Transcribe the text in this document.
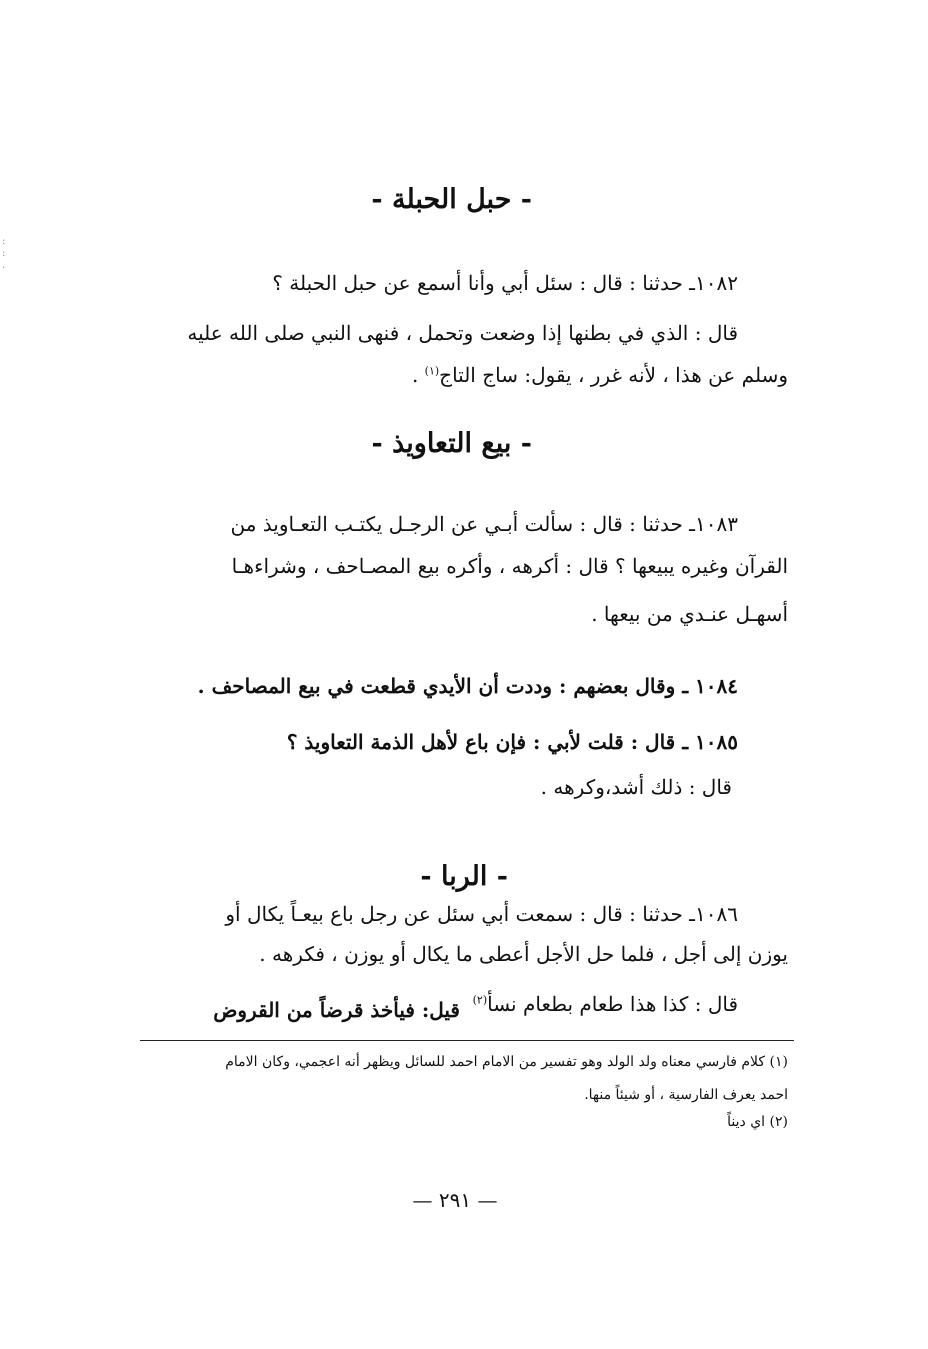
:
:
.
- حبل الحبلة -
١٠٨٢ـ حدثنا : قال : سئل أبي وأنا أسمع عن حبل الحبلة ؟
قال : الذي في بطنها إذا وضعت وتحمل ، فنهى النبي صلى الله عليه
وسلم عن هذا ، لأنه غرر ، يقول: ساج التاج$^{(١)}$ .
- بيع التعاويذ -
١٠٨٣ـ حدثنا : قال : سألت أبـي عن الرجـل يكتـب التعـاويذ من
القرآن وغيره يبيعها ؟ قال : أكرهه ، وأكره بيع المصـاحف ، وشراءهـا
أسهـل عنـدي من بيعها .
١٠٨٤ ـ وقال بعضهم : وددت أن الأيدي قطعت في بيع المصاحف .
١٠٨٥ ـ قال : قلت لأبي : فإن باع لأهل الذمة التعاويذ ؟
قال : ذلك أشد،وكرهه .
- الربا -
١٠٨٦ـ حدثنا : قال : سمعت أبي سئل عن رجل باع بيعـاً يكال أو
يوزن إلى أجل ، فلما حل الأجل أعطى ما يكال أو يوزن ، فكرهه .
قال : كذا هذا طعام بطعام نسأ$^{(٢)}$
قيل: فيأخذ قرضاً من القروض
(١) كلام فارسي معناه ولد الولد وهو تفسير من الامام احمد للسائل ويظهر أنه اعجمي، وكان الامام
احمد يعرف الفارسية ، أو شيئاً منها.
(٢) اي ديناً
— ٢٩١ —
